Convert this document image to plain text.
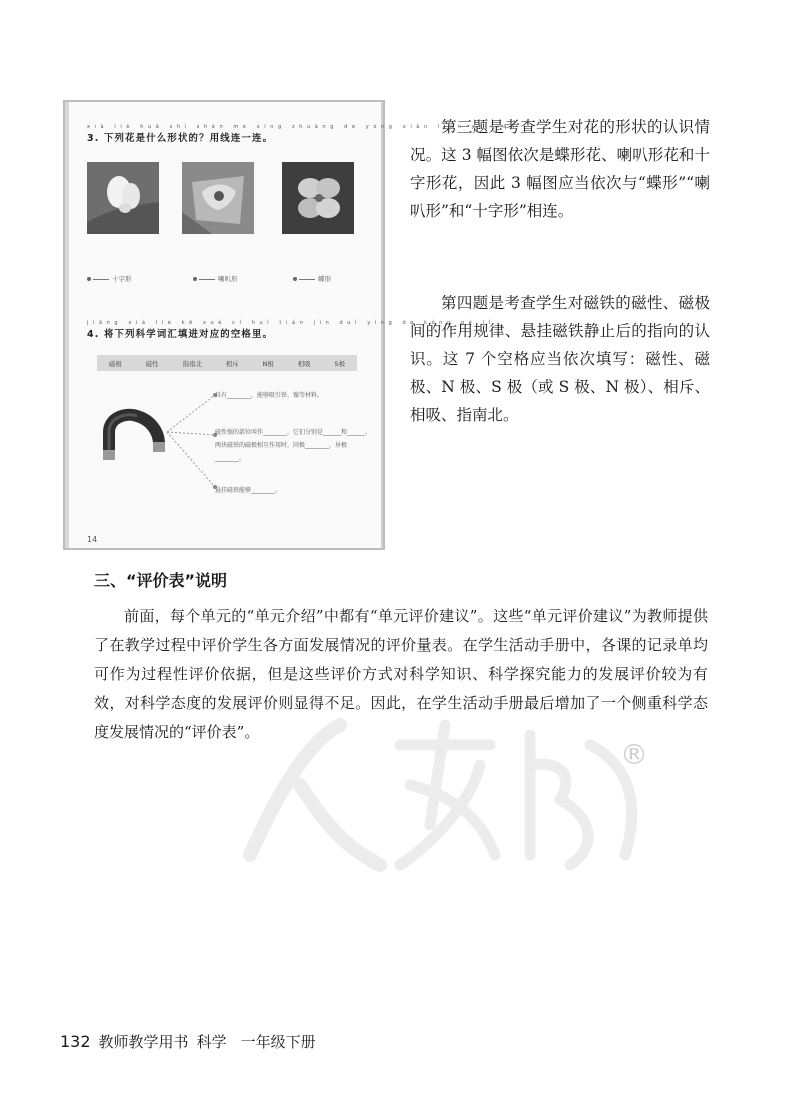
®
xià liè huā shì shén me xíng zhuàng de yòng xiàn lián yi lián
3. 下列花是什么形状的？用线连一连。
十字形	喇叭形	蝶形
jiāng xià liè kē xué cí huì tián jìn duì yìng de kòng gé lǐ
4. 将下列科学词汇填进对应的空格里。
磁极	磁性	指南北	相斥	N极	相吸	S极
具有________，能够吸引铁、镍等材料。
磁性强的部位叫作________，它们分别是______和______。两块磁铁的磁极相互作用时，同极________，异极________。
悬挂磁铁能够________。
14
第三题是考查学生对花的形状的认识情况。这 3 幅图依次是蝶形花、喇叭形花和十字形花，因此 3 幅图应当依次与“蝶形”“喇叭形”和“十字形”相连。
第四题是考查学生对磁铁的磁性、磁极间的作用规律、悬挂磁铁静止后的指向的认识。这 7 个空格应当依次填写：磁性、磁极、N 极、S 极（或 S 极、N 极）、相斥、相吸、指南北。
三、“评价表”说明
前面，每个单元的“单元介绍”中都有“单元评价建议”。这些“单元评价建议”为教师提供了在教学过程中评价学生各方面发展情况的评价量表。在学生活动手册中，各课的记录单均可作为过程性评价依据，但是这些评价方式对科学知识、科学探究能力的发展评价较为有效，对科学态度的发展评价则显得不足。因此，在学生活动手册最后增加了一个侧重科学态度发展情况的“评价表”。
132 教师教学用书 科学 一年级下册
